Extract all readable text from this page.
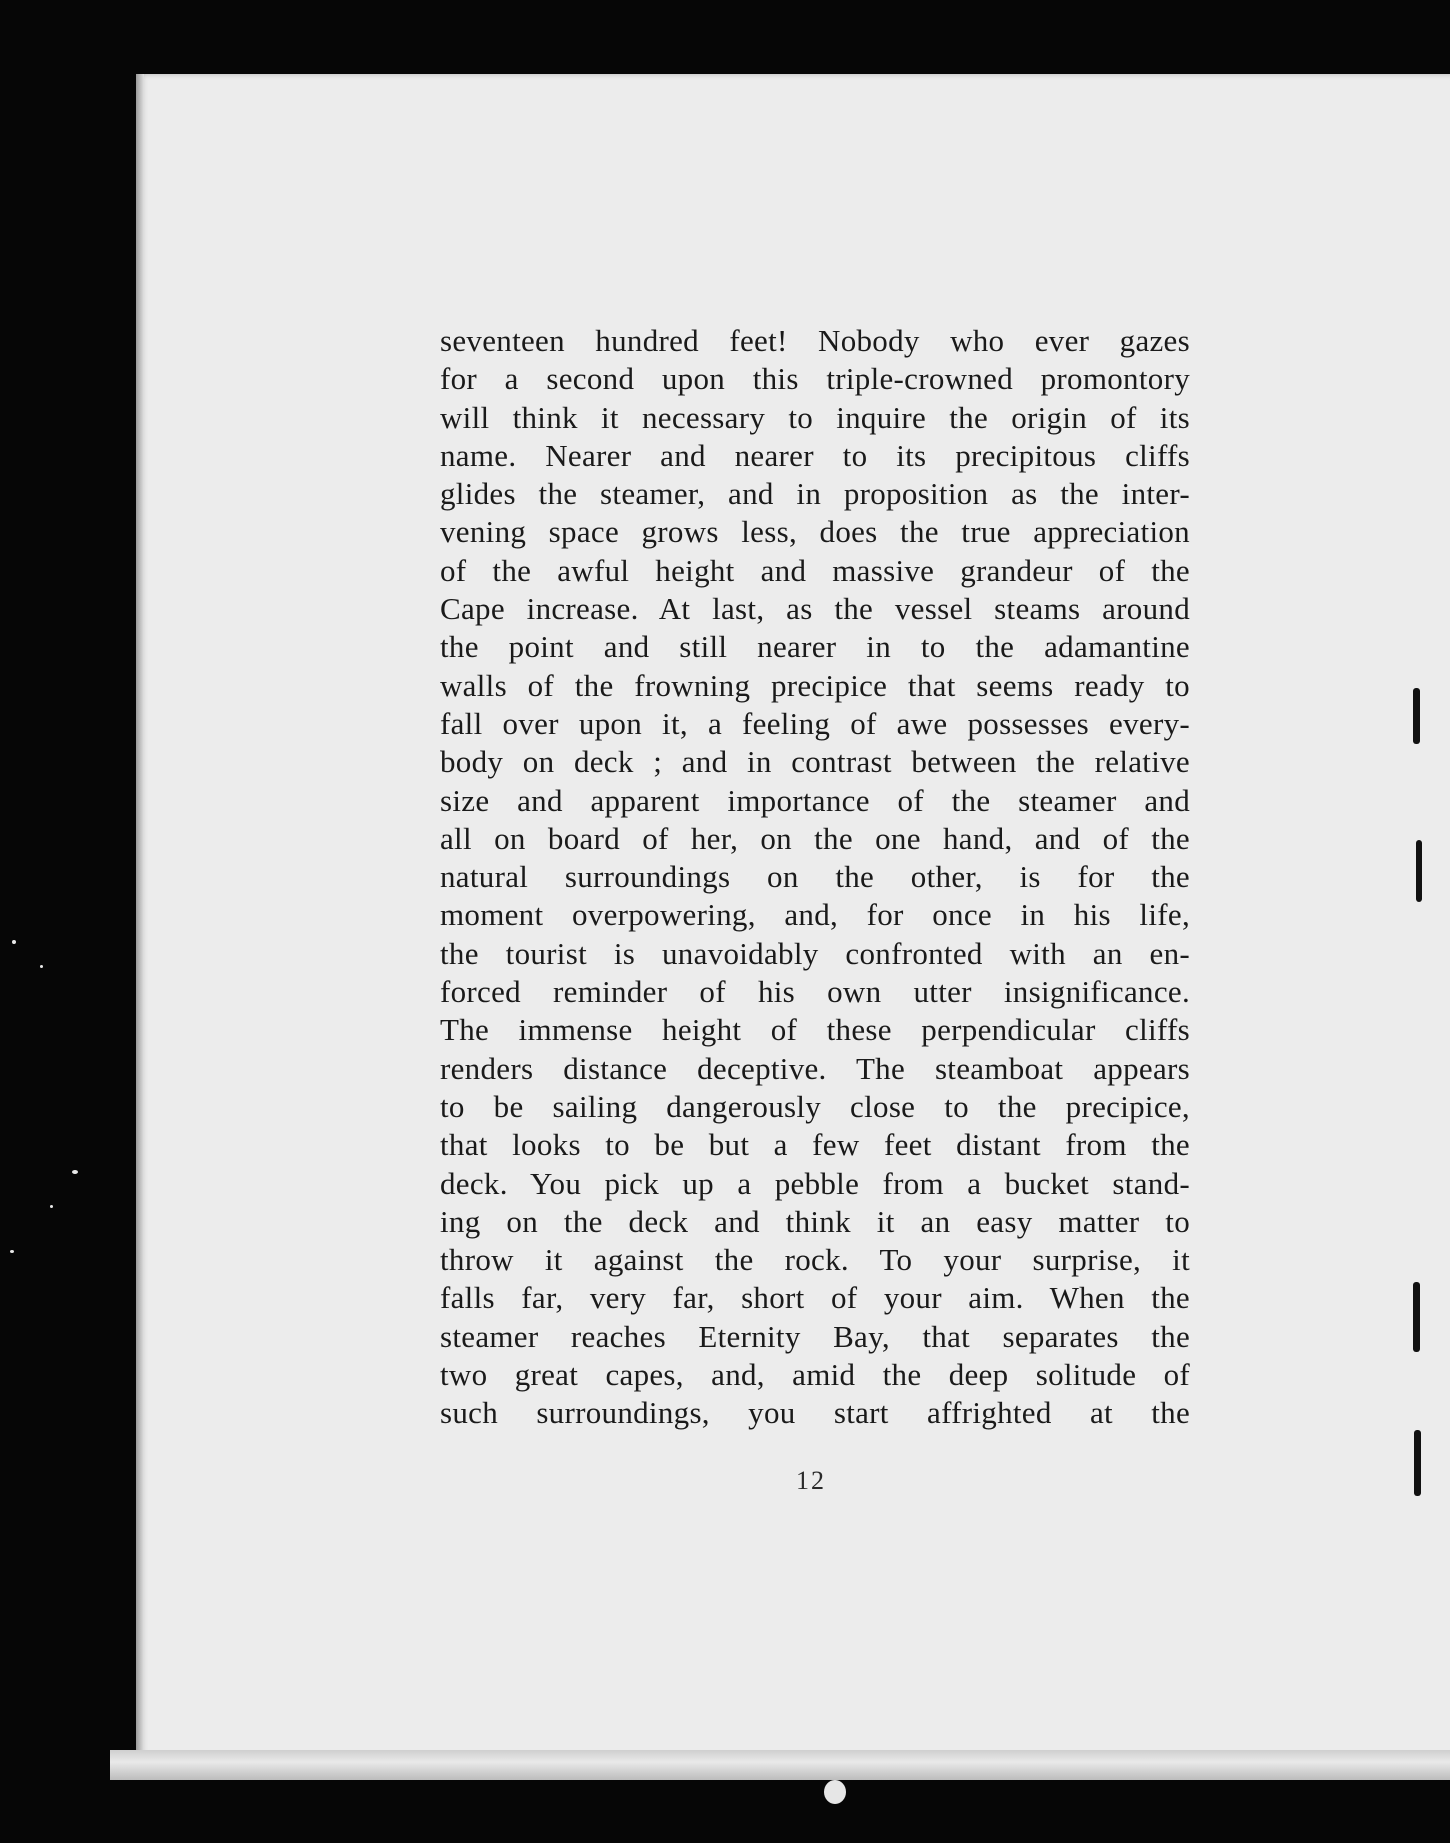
seventeen hundred feet! Nobody who ever gazes
for a second upon this triple-crowned promontory
will think it necessary to inquire the origin of its
name. Nearer and nearer to its precipitous cliffs
glides the steamer, and in proposition as the inter-
vening space grows less, does the true appreciation
of the awful height and massive grandeur of the
Cape increase. At last, as the vessel steams around
the point and still nearer in to the adamantine
walls of the frowning precipice that seems ready to
fall over upon it, a feeling of awe possesses every-
body on deck ; and in contrast between the relative
size and apparent importance of the steamer and
all on board of her, on the one hand, and of the
natural surroundings on the other, is for the
moment overpowering, and, for once in his life,
the tourist is unavoidably confronted with an en-
forced reminder of his own utter insignificance.
The immense height of these perpendicular cliffs
renders distance deceptive. The steamboat appears
to be sailing dangerously close to the precipice,
that looks to be but a few feet distant from the
deck. You pick up a pebble from a bucket stand-
ing on the deck and think it an easy matter to
throw it against the rock. To your surprise, it
falls far, very far, short of your aim. When the
steamer reaches Eternity Bay, that separates the
two great capes, and, amid the deep solitude of
such surroundings, you start affrighted at the
12
